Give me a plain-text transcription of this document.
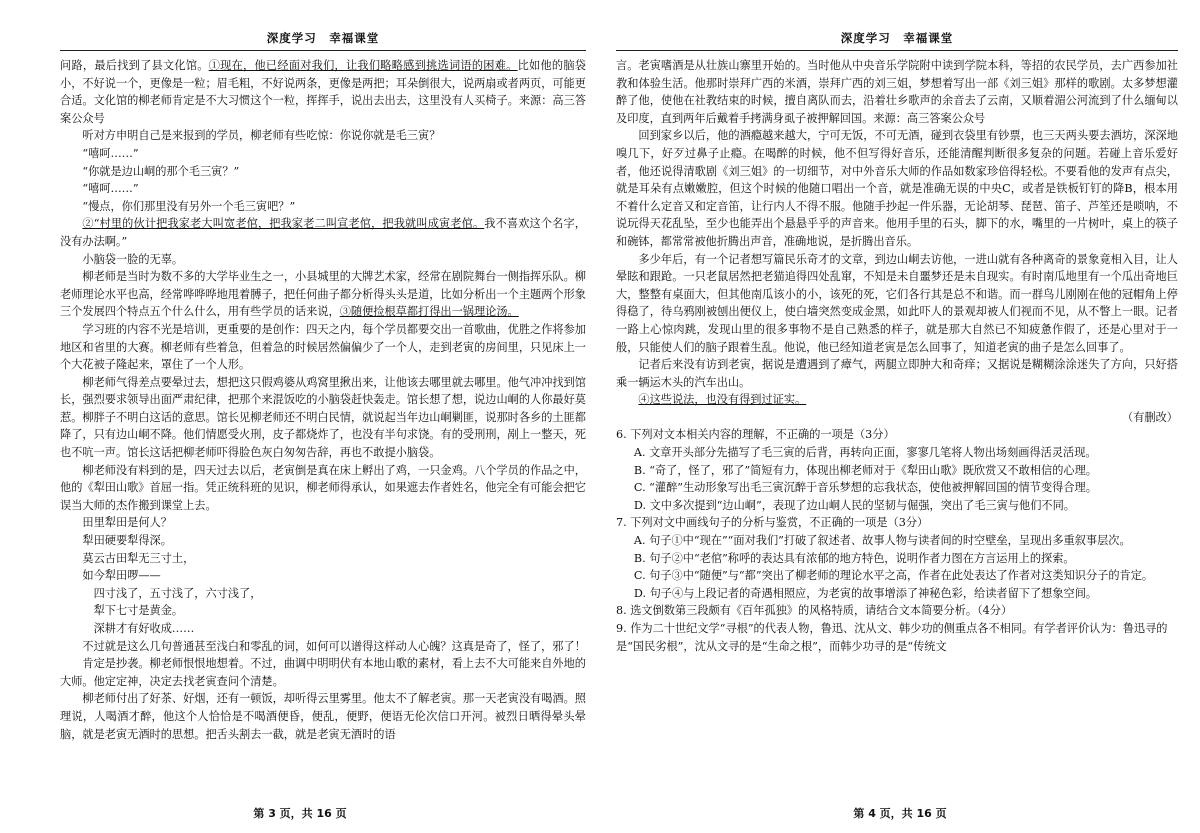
深度学习　幸福课堂

问路，最后找到了县文化馆。①现在，他已经面对我们，让我们略略感到挑选词语的困难。比如他的脑袋小，不好说一个，更像是一粒；眉毛粗，不好说两条，更像是两把；耳朵倒很大，说两扇或者两页，可能更合适。文化馆的柳老师肯定是不大习惯这个一粒，挥挥手，说出去出去，这里没有人买椅子。来源：高三答案公众号

听对方申明自己是来报到的学员，柳老师有些吃惊：你说你就是毛三寅？

“嘻呵……”

“你就是边山峒的那个毛三寅？”

“嘻呵……”

“慢点，你们那里没有另外一个毛三寅吧？”

②“村里的伙计把我家老大叫宽老倌，把我家老二叫宣老倌，把我就叫成寅老倌。我不喜欢这个名字，没有办法啊。”

小脑袋一脸的无辜。

柳老师是当时为数不多的大学毕业生之一，小县城里的大牌艺术家，经常在剧院舞台一侧指挥乐队。柳老师理论水平也高，经常哗哗哗地甩着膊子，把任何曲子都分析得头头是道，比如分析出一个主题两个形象三个发展四个特点五个什么什么，用有些学员的话来说，③随便捡根草都打得出一锅理论汤。

学习班的内容不光是培训，更重要的是创作：四天之内，每个学员都要交出一首歌曲，优胜之作将参加地区和省里的大赛。柳老师有些着急，但着急的时候居然偏偏少了一个人，走到老寅的房间里，只见床上一个大花被子隆起来，罩住了一个人形。

柳老师气得差点要晕过去，想把这只假鸡婆从鸡窝里揪出来，让他该去哪里就去哪里。他气冲冲找到馆长，强烈要求领导出面严肃纪律，把那个来混饭吃的小脑袋赶快轰走。馆长想了想，说边山峒的人你最好莫惹。柳胖子不明白这话的意思。馆长见柳老师还不明白民情，就说起当年边山峒剿匪，说那时各乡的土匪都降了，只有边山峒不降。他们情愿受火刑，皮子都烧炸了，也没有半句求饶。有的受刑刑，剐上一整天，死也不吭一声。馆长这话把柳老师吓得脸色灰白匆匆告辞，再也不敢提小脑袋。

柳老师没有料到的是，四天过去以后，老寅倒是真在床上孵出了鸡，一只金鸡。八个学员的作品之中，他的《犁田山歌》首屈一指。凭正统科班的见识，柳老师得承认，如果遮去作者姓名，他完全有可能会把它误当大师的杰作搬到课堂上去。

田里犁田是何人？

犁田硬要犁得深。

莫云古田犁无三寸土，

如今犁田啰——

四寸浅了，五寸浅了，六寸浅了，

犁下七寸是黄金。

深耕才有好收成……

不过就是这么几句普通甚至浅白和零乱的词，如何可以谱得这样动人心魄？这真是奇了，怪了，邪了！

肯定是抄袭。柳老师恨恨地想着。不过，曲调中明明伏有本地山歌的素材，看上去不大可能来自外地的大师。他定定神，决定去找老寅查问个清楚。

柳老师付出了好茶、好烟，还有一顿饭，却听得云里雾里。他太不了解老寅。那一天老寅没有喝酒。照理说，人喝酒才醉，他这个人恰恰是不喝酒便昏，便乱，便野，便语无伦次信口开河。被烈日晒得晕头晕脑，就是老寅无酒时的思想。把舌头割去一截，就是老寅无酒时的语

第 3 页，共 16 页
深度学习　幸福课堂

言。老寅嗜酒是从壮族山寨里开始的。当时他从中央音乐学院附中读到学院本科，等招的农民学员，去广西参加社教和体验生活。他那时崇拜广西的米酒，崇拜广西的刘三姐，梦想着写出一部《刘三姐》那样的歌剧。太多梦想灌醉了他，使他在社教结束的时候，擅自离队而去，沿着壮乡歌声的余音去了云南，又顺着湄公河流到了什么缅甸以及印度，直到两年后戴着手拷满身虱子被押解回国。来源：高三答案公众号

回到家乡以后，他的酒瘾越来越大，宁可无饭，不可无酒，碰到衣袋里有钞票，也三天两头要去酒坊，深深地嗅几下，好歹过鼻子止瘾。在喝醉的时候，他不但写得好音乐，还能清醒判断很多复杂的问题。若碰上音乐爱好者，他还说得清歌剧《刘三姐》的一切细节，对中外音乐大师的作品如数家珍倍得轻松。不要看他的发声有点尖，就是耳朵有点嫩嫩腔，但这个时候的他随口唱出一个音，就是准确无误的中央C，或者是铁板钉钉的降B，根本用不着什么定音又和定音笛，让行内人不得不服。他随手抄起一件乐器，无论胡琴、琵琶、笛子、芦笙还是唢呐，不说玩得天花乱坠，至少也能弄出个悬悬乎乎的声音来。他用手里的石头，脚下的水，嘴里的一片树叶，桌上的筷子和碗钵，都常常被他折腾出声音，准确地说，是折腾出音乐。

多少年后，有一个记者想写篇民乐奇才的文章，到边山峒去访他，一进山就有各种离奇的景象竟相入目，让人晕眩和跟跄。一只老鼠居然把老猫追得四处乱窜，不知是未自噩梦还是未自现实。有时南瓜地里有一个瓜出奇地巨大，整整有桌面大，但其他南瓜该小的小，该死的死，它们各行其是总不和谐。而一群鸟儿刚刚在他的冠帽角上停得稳了，待乌鸦刚被刨出便仪上，使白墙突然变成金黑，如此吓人的景观却被人们视而不见，从不瞥上一眼。记者一路上心惊肉跳，发现山里的很多事物不是自己熟悉的样子，就是那大自然已不知疲惫作假了，还是心里对于一般，只能使人们的脑子跟着生乱。他说，他已经知道老寅是怎么回事了，知道老寅的曲子是怎么回事了。

记者后来没有访到老寅，据说是遭遇到了瘴气，两腿立即肿大和奇痒；又据说是糊糊涂涂迷失了方向，只好搭乘一辆运木头的汽车出山。

④这些说法，也没有得到过证实。

（有删改）

6. 下列对文本相关内容的理解，不正确的一项是（3分）
A. 文章开头部分先描写了毛三寅的后背，再转向正面，寥寥几笔将人物出场刻画得活灵活现。
B. “奇了，怪了，邪了”简短有力，体现出柳老师对于《犁田山歌》既欣赏又不敢相信的心理。
C. “灌醉”生动形象写出毛三寅沉醉于音乐梦想的忘我状态，使他被押解回国的情节变得合理。
D. 文中多次提到“边山峒”，表现了边山峒人民的坚韧与倔强，突出了毛三寅与他们不同。
7. 下列对文中画线句子的分析与鉴赏，不正确的一项是（3分）
A. 句子①中“现在”“面对我们”打破了叙述者、故事人物与读者间的时空壁垒，呈现出多重叙事层次。
B. 句子②中“老倌”称呼的表达具有浓郁的地方特色，说明作者力图在方言运用上的探索。
C. 句子③中“随便”与“都”突出了柳老师的理论水平之高，作者在此处表达了作者对这类知识分子的肯定。
D. 句子④与上段记者的奇遇相照应，为老寅的故事增添了神秘色彩，给读者留下了想象空间。
8. 选文倒数第三段颇有《百年孤独》的风格特质，请结合文本简要分析。（4分）
9. 作为二十世纪文学“寻根”的代表人物，鲁迅、沈从文、韩少功的侧重点各不相同。有学者评价认为：鲁迅寻的是“国民劣根”，沈从文寻的是“生命之根”，而韩少功寻的是“传统文
第 4 页，共 16 页
